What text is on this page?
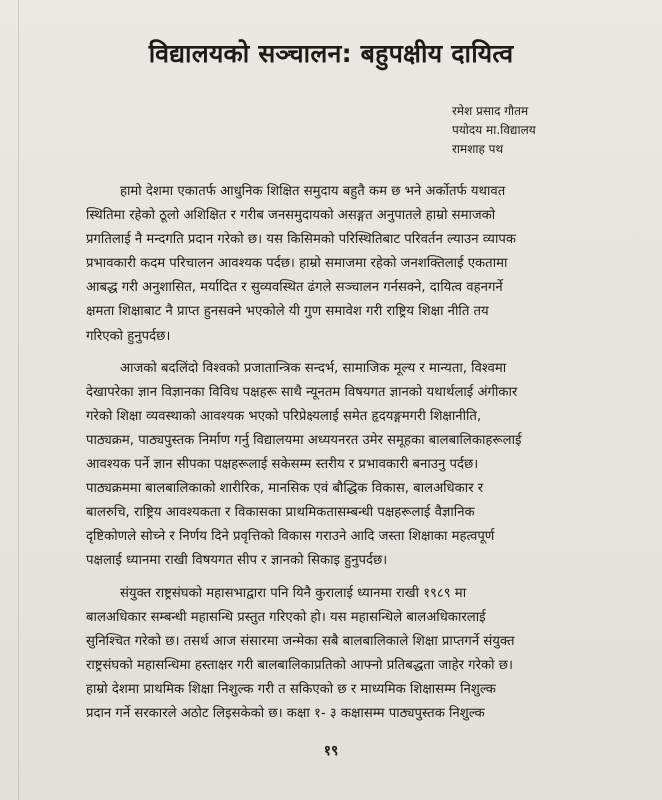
विद्यालयको सञ्चालन: बहुपक्षीय दायित्व
रमेश प्रसाद गौतम
पयोदय मा.विद्यालय
रामशाह पथ
हामो देशमा एकातर्फ आधुनिक शिक्षित समुदाय बहुतै कम छ भने अर्कोतर्फ यथावत
स्थितिमा रहेको ठूलो अशिक्षित र गरीब जनसमुदायको असङ्गत अनुपातले हाम्रो समाजको
प्रगतिलाई नै मन्दगति प्रदान गरेको छ। यस किसिमको परिस्थितिबाट परिवर्तन ल्याउन व्यापक
प्रभावकारी कदम परिचालन आवश्यक पर्दछ। हाम्रो समाजमा रहेको जनशक्तिलाई एकतामा
आबद्ध गरी अनुशासित, मर्यादित र सुव्यवस्थित ढंगले सञ्चालन गर्नसक्ने, दायित्व वहनगर्ने
क्षमता शिक्षाबाट नै प्राप्त हुनसक्ने भएकोले यी गुण समावेश गरी राष्ट्रिय शिक्षा नीति तय
गरिएको हुनुपर्दछ।
आजको बदलिंदो विश्वको प्रजातान्त्रिक सन्दर्भ, सामाजिक मूल्य र मान्यता, विश्वमा
देखापरेका ज्ञान विज्ञानका विविध पक्षहरू साथै न्यूनतम विषयगत ज्ञानको यथार्थलाई अंगीकार
गरेको शिक्षा व्यवस्थाको आवश्यक भएको परिप्रेक्ष्यलाई समेत हृदयङ्गमगरी शिक्षानीति,
पाठ्यक्रम, पाठ्यपुस्तक निर्माण गर्नु विद्यालयमा अध्ययनरत उमेर समूहका बालबालिकाहरूलाई
आवश्यक पर्ने ज्ञान सीपका पक्षहरूलाई सकेसम्म स्तरीय र प्रभावकारी बनाउनु पर्दछ।
पाठ्यक्रममा बालबालिकाको शारीरिक, मानसिक एवं बौद्धिक विकास, बालअधिकार र
बालरुचि, राष्ट्रिय आवश्यकता र विकासका प्राथमिकतासम्बन्धी पक्षहरूलाई वैज्ञानिक
दृष्टिकोणले सोच्ने र निर्णय दिने प्रवृत्तिको विकास गराउने आदि जस्ता शिक्षाका महत्वपूर्ण
पक्षलाई ध्यानमा राखी विषयगत सीप र ज्ञानको सिकाइ हुनुपर्दछ।
संयुक्त राष्ट्रसंघको महासभाद्वारा पनि यिनै कुरालाई ध्यानमा राखी १९८९ मा
बालअधिकार सम्बन्धी महासन्धि प्रस्तुत गरिएको हो। यस महासन्धिले बालअधिकारलाई
सुनिश्चित गरेको छ। तसर्थ आज संसारमा जन्मेका सबै बालबालिकाले शिक्षा प्राप्तगर्ने संयुक्त
राष्ट्रसंघको महासन्धिमा हस्ताक्षर गरी बालबालिकाप्रतिको आफ्नो प्रतिबद्धता जाहेर गरेको छ।
हाम्रो देशमा प्राथमिक शिक्षा निशुल्क गरी त सकिएको छ र माध्यमिक शिक्षासम्म निशुल्क
प्रदान गर्ने सरकारले अठोट लिइसकेको छ। कक्षा १- ३ कक्षासम्म पाठ्यपुस्तक निशुल्क
१९
